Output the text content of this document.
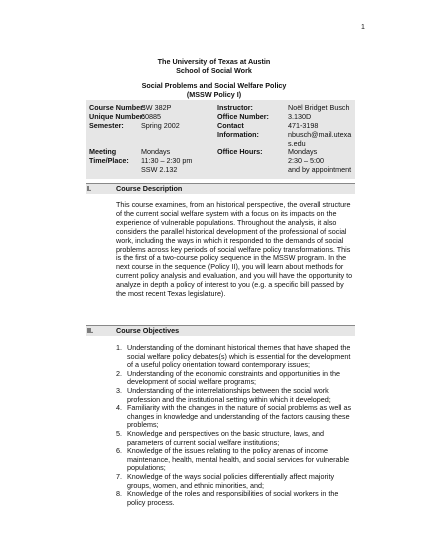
1
The University of Texas at Austin
School of Social Work
Social Problems and Social Welfare Policy
(MSSW Policy I)
Course Number:
Unique Number:
Semester:
Meeting
Time/Place:
SW 382P
60885
Spring 2002
Mondays
11:30 – 2:30 pm
SSW 2.132
Instructor:
Office Number:
Contact
Information:
Office Hours:
Noël Bridget Busch
3.130D
471-3198
nbusch@mail.utexa
s.edu
Mondays
2:30 – 5:00
and by appointment
I.	Course Description

This course examines, from an historical perspective, the overall structure of the current social welfare system with a focus on its impacts on the experience of vulnerable populations. Throughout the analysis, it also considers the parallel historical development of the professional of social work, including the ways in which it responded to the demands of social problems across key periods of social welfare policy transformations. This is the first of a two-course policy sequence in the MSSW program. In the next course in the sequence (Policy II), you will learn about methods for current policy analysis and evaluation, and you will have the opportunity to analyze in depth a policy of interest to you (e.g. a specific bill passed by the most recent Texas legislature).

II.	Course Objectives
1. Understanding of the dominant historical themes that have shaped the social welfare policy debates(s) which is essential for the development of a useful policy orientation toward contemporary issues;
2. Understanding of the economic constraints and opportunities in the development of social welfare programs;
3. Understanding of the interrelationships between the social work profession and the institutional setting within which it developed;
4. Familiarity with the changes in the nature of social problems as well as changes in knowledge and understanding of the factors causing these problems;
5. Knowledge and perspectives on the basic structure, laws, and parameters of current social welfare institutions;
6. Knowledge of the issues relating to the policy arenas of income maintenance, health, mental health, and social services for vulnerable populations;
7. Knowledge of the ways social policies differentially affect majority groups, women, and ethnic minorities, and;
8. Knowledge of the roles and responsibilities of social workers in the policy process.
